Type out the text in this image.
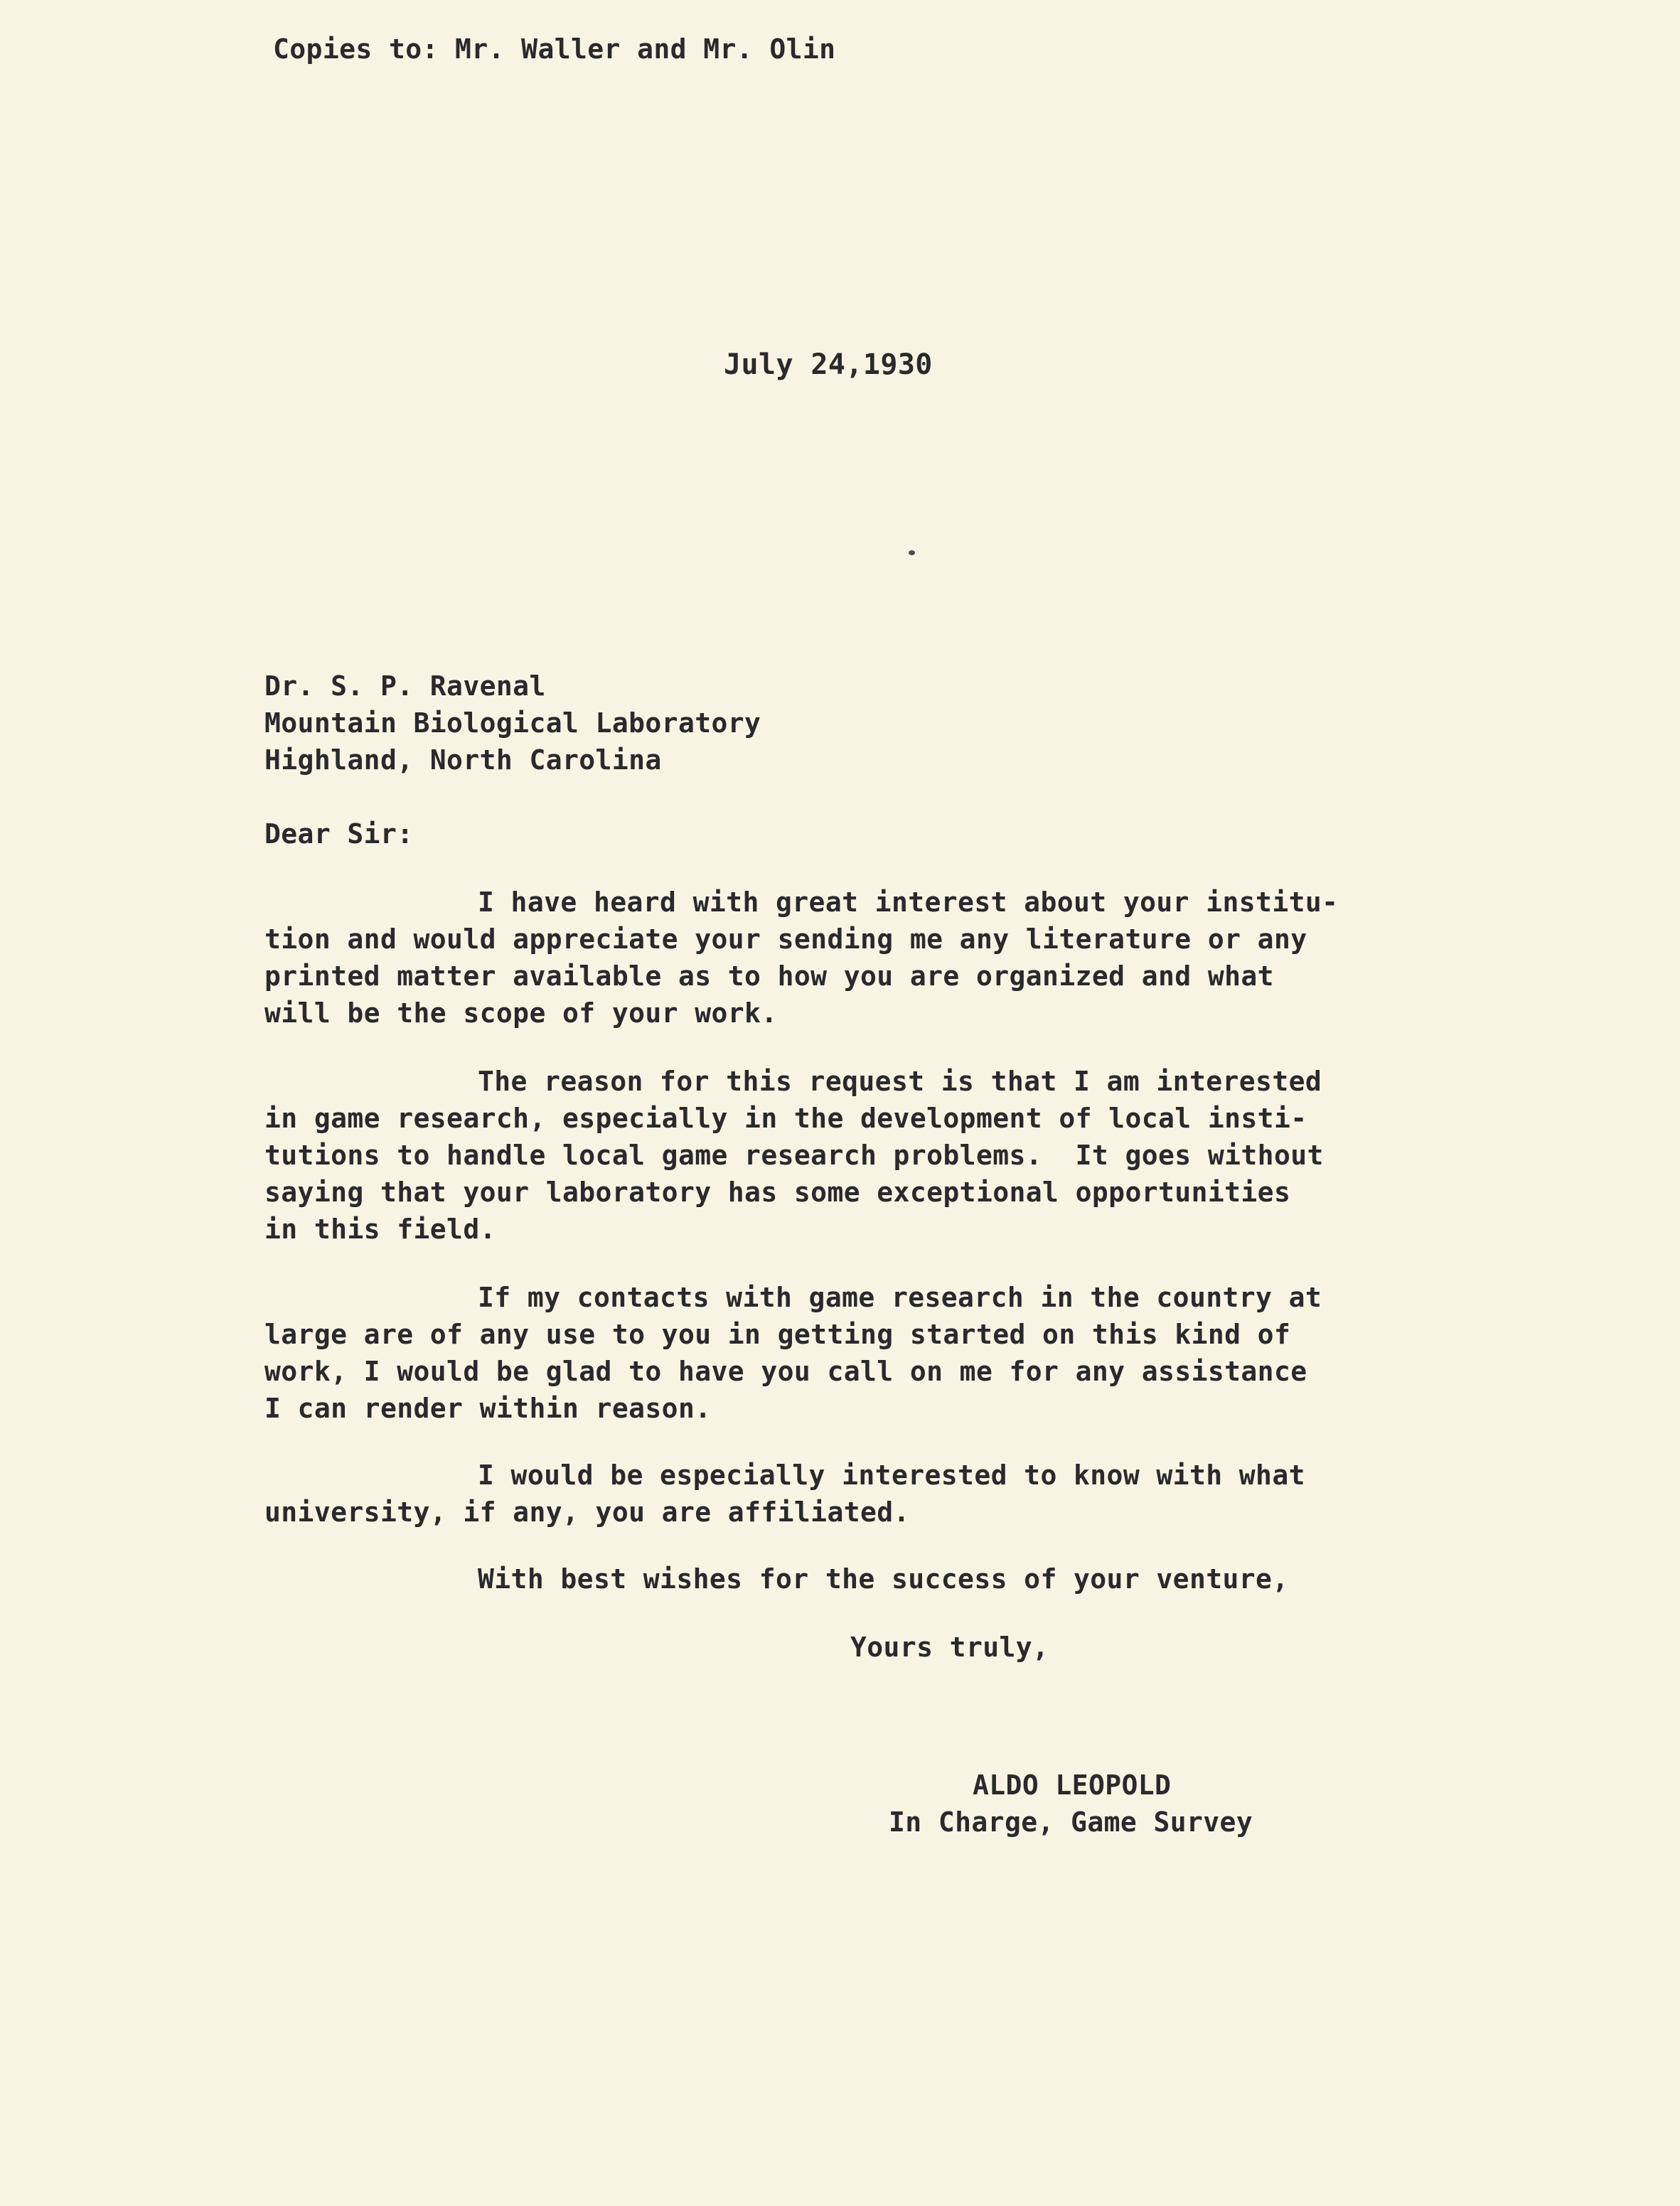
Copies to: Mr. Waller and Mr. Olin
July 24,1930
Dr. S. P. Ravenal
Mountain Biological Laboratory
Highland, North Carolina
Dear Sir:
I have heard with great interest about your institu-
tion and would appreciate your sending me any literature or any
printed matter available as to how you are organized and what
will be the scope of your work.
The reason for this request is that I am interested
in game research, especially in the development of local insti-
tutions to handle local game research problems.  It goes without
saying that your laboratory has some exceptional opportunities
in this field.
If my contacts with game research in the country at
large are of any use to you in getting started on this kind of
work, I would be glad to have you call on me for any assistance
I can render within reason.
I would be especially interested to know with what
university, if any, you are affiliated.
With best wishes for the success of your venture,
Yours truly,
ALDO LEOPOLD
In Charge, Game Survey
